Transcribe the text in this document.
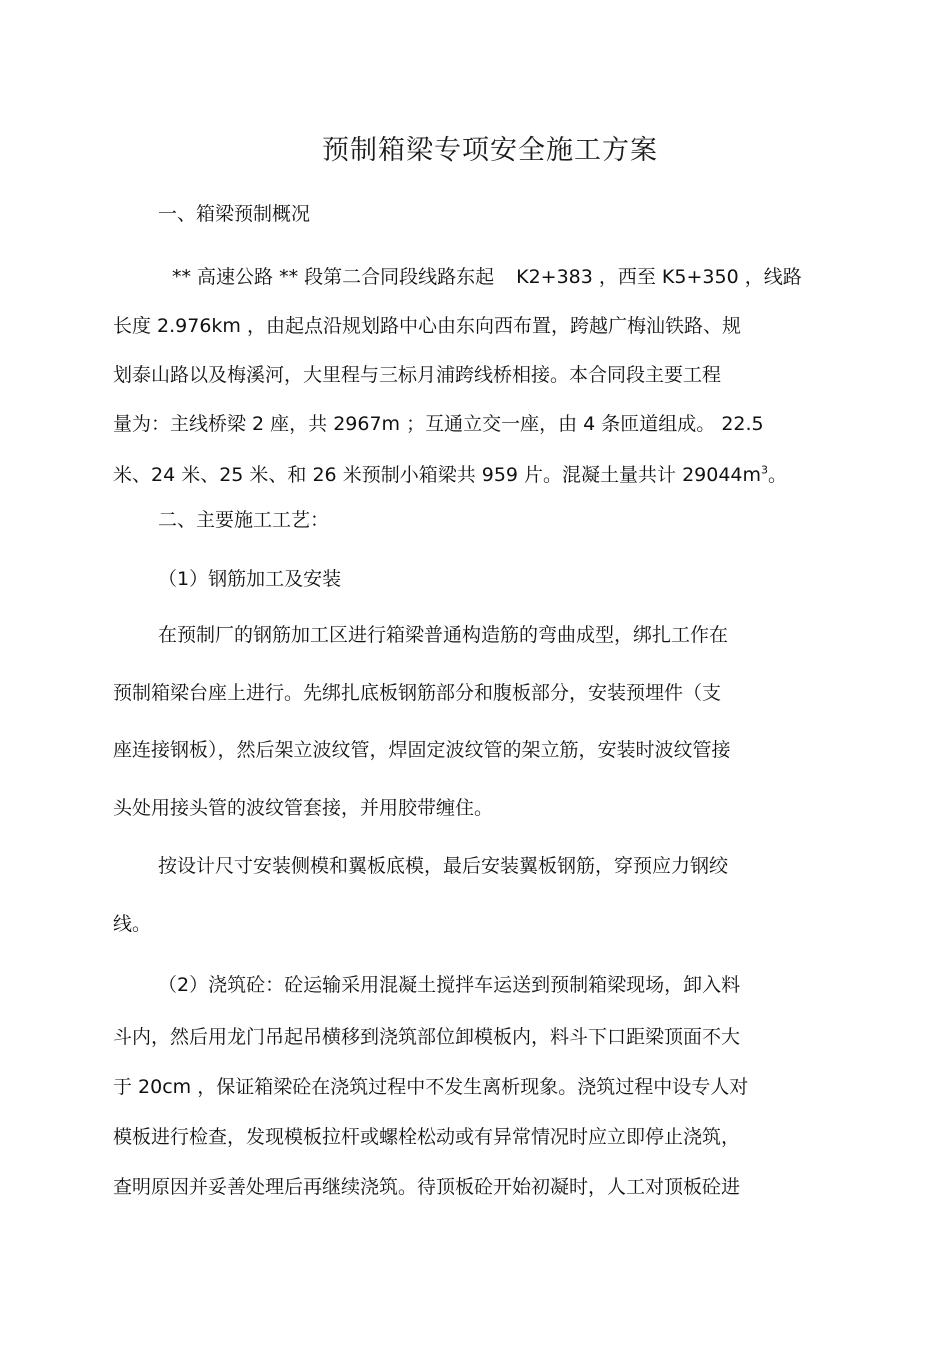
预制箱梁专项安全施工方案
一、箱梁预制概况
** 高速公路 ** 段第二合同段线路东起 K2+383 ，西至 K5+350 ，线路
长度 2.976km ，由起点沿规划路中心由东向西布置，跨越广梅汕铁路、规
划泰山路以及梅溪河，大里程与三标月浦跨线桥相接。本合同段主要工程
量为：主线桥梁 2 座，共 2967m ；互通立交一座，由 4 条匝道组成。 22.5
米、24 米、25 米、和 26 米预制小箱梁共 959 片。混凝土量共计 $29044m^3$。
二、主要施工工艺：
（1）钢筋加工及安装
在预制厂的钢筋加工区进行箱梁普通构造筋的弯曲成型，绑扎工作在
预制箱梁台座上进行。先绑扎底板钢筋部分和腹板部分，安装预埋件（支
座连接钢板），然后架立波纹管，焊固定波纹管的架立筋，安装时波纹管接
头处用接头管的波纹管套接，并用胶带缠住。
按设计尺寸安装侧模和翼板底模，最后安装翼板钢筋，穿预应力钢绞
线。
（2）浇筑砼：砼运输采用混凝土搅拌车运送到预制箱梁现场，卸入料
斗内，然后用龙门吊起吊横移到浇筑部位卸模板内，料斗下口距梁顶面不大
于 20cm ，保证箱梁砼在浇筑过程中不发生离析现象。浇筑过程中设专人对
模板进行检查，发现模板拉杆或螺栓松动或有异常情况时应立即停止浇筑，
查明原因并妥善处理后再继续浇筑。待顶板砼开始初凝时，人工对顶板砼进
